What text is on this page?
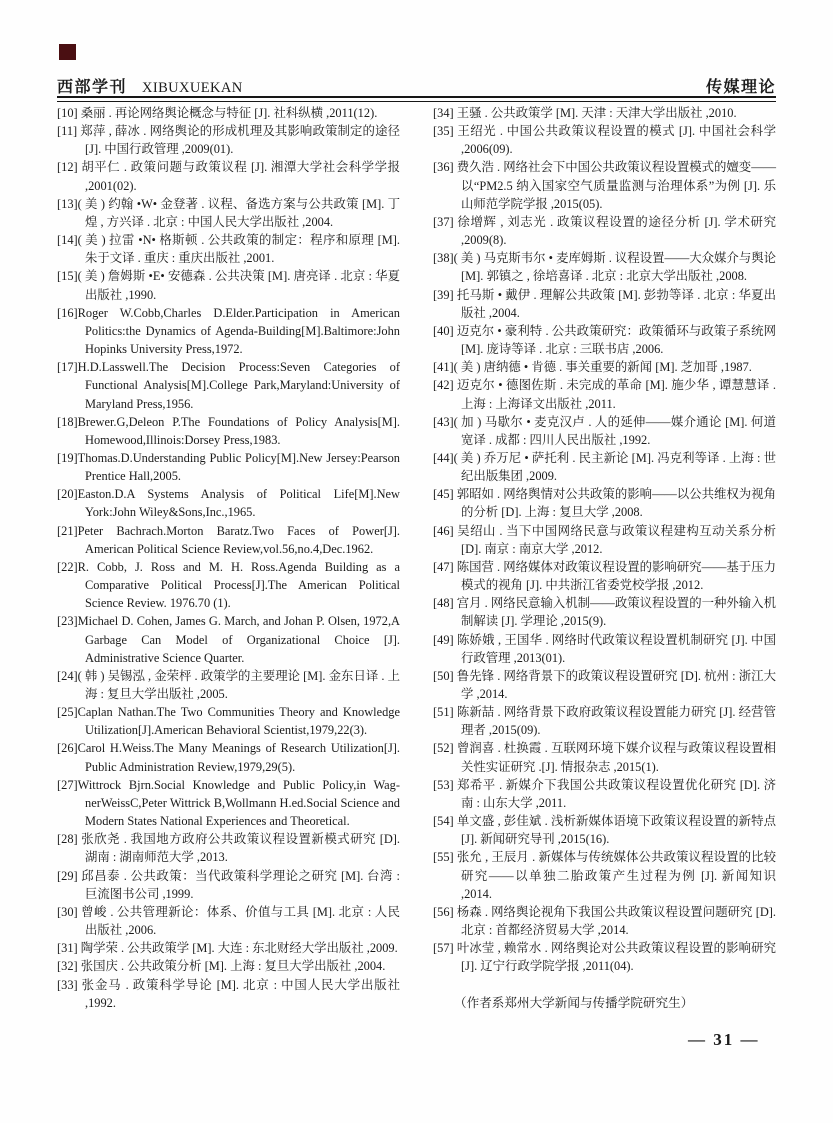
西部学刊 XIBUXUEKAN	传媒理论

[10] 桑丽 . 再论网络舆论概念与特征 [J]. 社科纵横 ,2011(12).

[11] 郑萍 , 薛冰 . 网络舆论的形成机理及其影响政策制定的途径 [J]. 中国行政管理 ,2009(01).

[12] 胡平仁 . 政策问题与政策议程 [J]. 湘潭大学社会科学学报 ,2001(02).

[13]( 美 ) 约翰 •W• 金登著 . 议程、备选方案与公共政策 [M]. 丁煌 , 方兴译 . 北京 : 中国人民大学出版社 ,2004.

[14]( 美 ) 拉雷 •N• 格斯顿 . 公共政策的制定：程序和原理 [M]. 朱于文译 . 重庆 : 重庆出版社 ,2001.

[15]( 美 ) 詹姆斯 •E• 安德森 . 公共决策 [M]. 唐亮译 . 北京 : 华夏出版社 ,1990.

[16]Roger W.Cobb,Charles D.Elder.Participation in American Politics:the Dynamics of Agenda-Building[M].Baltimore:John Hopinks University Press,1972.

[17]H.D.Lasswell.The Decision Process:Seven Categories of Functional Analysis[M].College Park,Maryland:University of Maryland Press,1956.

[18]Brewer.G,Deleon P.The Foundations of Policy Analysis[M]. Homewood,Illinois:Dorsey Press,1983.

[19]Thomas.D.Understanding Public Policy[M].New Jersey:Pearson Prentice Hall,2005.

[20]Easton.D.A Systems Analysis of Political Life[M].New York:John Wiley&Sons,Inc.,1965.

[21]Peter Bachrach.Morton Baratz.Two Faces of Power[J]. American Political Science Review,vol.56,no.4,Dec.1962.

[22]R. Cobb, J. Ross and M. H. Ross.Agenda Building as a Comparative Political Process[J].The American Political Science Review. 1976.70 (1).

[23]Michael D. Cohen, James G. March, and Johan P. Olsen, 1972,A Garbage Can Model of Organizational Choice [J]. Administrative Science Quarter.

[24]( 韩 ) 吴锡泓 , 金荣枰 . 政策学的主要理论 [M]. 金东日译 . 上海 : 复旦大学出版社 ,2005.

[25]Caplan Nathan.The Two Communities Theory and Knowledge Utilization[J].American Behavioral Scientist,1979,22(3).

[26]Carol H.Weiss.The Many Meanings of Research Utilization[J]. Public Administration Review,1979,29(5).

[27]Wittrock Bjrn.Social Knowledge and Public Policy,in Wag-nerWeissC,Peter Wittrick B,Wollmann H.ed.Social Science and Modern States National Experiences and Theoretical.

[28] 张欣尧 . 我国地方政府公共政策议程设置新模式研究 [D]. 湖南 : 湖南师范大学 ,2013.

[29] 邱昌泰 . 公共政策：当代政策科学理论之研究 [M]. 台湾 : 巨流图书公司 ,1999.

[30] 曾峻 . 公共管理新论：体系、价值与工具 [M]. 北京 : 人民出版社 ,2006.

[31] 陶学荣 . 公共政策学 [M]. 大连 : 东北财经大学出版社 ,2009.

[32] 张国庆 . 公共政策分析 [M]. 上海 : 复旦大学出版社 ,2004.

[33] 张金马 . 政策科学导论 [M]. 北京 : 中国人民大学出版社 ,1992.

[34] 王骚 . 公共政策学 [M]. 天津 : 天津大学出版社 ,2010.

[35] 王绍光 . 中国公共政策议程设置的模式 [J]. 中国社会科学 ,2006(09).

[36] 费久浩 . 网络社会下中国公共政策议程设置模式的嬗变——以“PM2.5 纳入国家空气质量监测与治理体系”为例 [J]. 乐山师范学院学报 ,2015(05).

[37] 徐增辉 , 刘志光 . 政策议程设置的途径分析 [J]. 学术研究 ,2009(8).

[38]( 美 ) 马克斯韦尔 • 麦库姆斯 . 议程设置——大众媒介与舆论 [M]. 郭镇之 , 徐培喜译 . 北京 : 北京大学出版社 ,2008.

[39] 托马斯 • 戴伊 . 理解公共政策 [M]. 彭勃等译 . 北京 : 华夏出版社 ,2004.

[40] 迈克尔 • 豪利特 . 公共政策研究：政策循环与政策子系统网 [M]. 庞诗等译 . 北京 : 三联书店 ,2006.

[41]( 美 ) 唐纳德 • 肯德 . 事关重要的新闻 [M]. 芝加哥 ,1987.

[42] 迈克尔 • 德图佐斯 . 未完成的革命 [M]. 施少华 , 谭慧慧译 . 上海 : 上海译文出版社 ,2011.

[43]( 加 ) 马歇尔 • 麦克汉卢 . 人的延伸——媒介通论 [M]. 何道宽译 . 成都 : 四川人民出版社 ,1992.

[44]( 美 ) 乔万尼 • 萨托利 . 民主新论 [M]. 冯克利等译 . 上海 : 世纪出版集团 ,2009.

[45] 郭昭如 . 网络舆情对公共政策的影响——以公共维权为视角的分析 [D]. 上海 : 复旦大学 ,2008.

[46] 吴绍山 . 当下中国网络民意与政策议程建构互动关系分析 [D]. 南京 : 南京大学 ,2012.

[47] 陈国营 . 网络媒体对政策议程设置的影响研究——基于压力模式的视角 [J]. 中共浙江省委党校学报 ,2012.

[48] 宫月 . 网络民意输入机制——政策议程设置的一种外输入机制解读 [J]. 学理论 ,2015(9).

[49] 陈娇娥 , 王国华 . 网络时代政策议程设置机制研究 [J]. 中国行政管理 ,2013(01).

[50] 鲁先锋 . 网络背景下的政策议程设置研究 [D]. 杭州 : 浙江大学 ,2014.

[51] 陈新喆 . 网络背景下政府政策议程设置能力研究 [J]. 经营管理者 ,2015(09).

[52] 曾润喜 . 杜换霞 . 互联网环境下媒介议程与政策议程设置相关性实证研究 .[J]. 情报杂志 ,2015(1).

[53] 郑希平 . 新媒介下我国公共政策议程设置优化研究 [D]. 济南 : 山东大学 ,2011.

[54] 单文盛 , 彭佳斌 . 浅析新媒体语境下政策议程设置的新特点 [J]. 新闻研究导刊 ,2015(16).

[55] 张允 , 王辰月 . 新媒体与传统媒体公共政策议程设置的比较研究——以单独二胎政策产生过程为例 [J]. 新闻知识 ,2014.

[56] 杨森 . 网络舆论视角下我国公共政策议程设置问题研究 [D]. 北京 : 首都经济贸易大学 ,2014.

[57] 叶冰莹 , 赖常水 . 网络舆论对公共政策议程设置的影响研究 [J]. 辽宁行政学院学报 ,2011(04).

（作者系郑州大学新闻与传播学院研究生）

— 31 —
